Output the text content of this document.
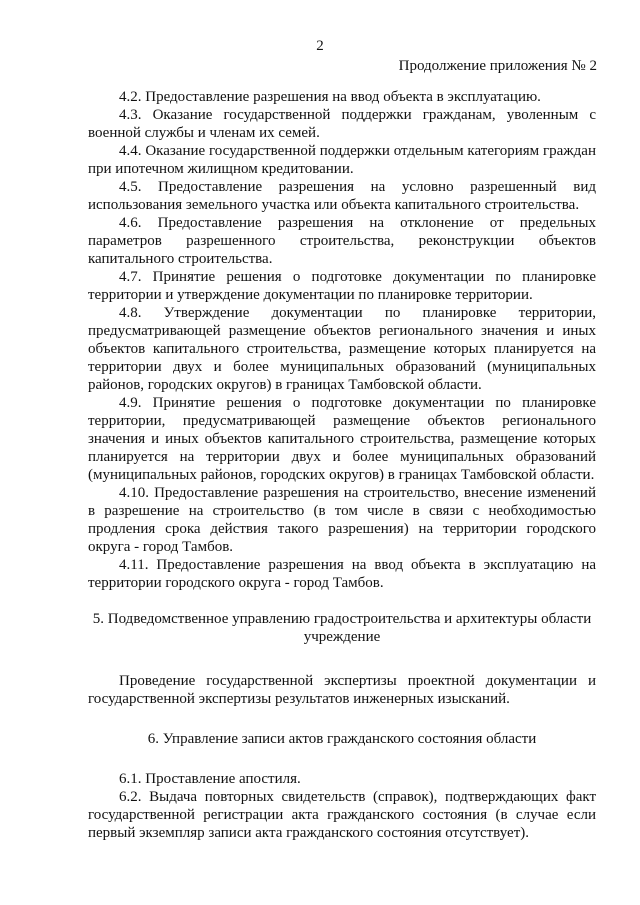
2
Продолжение приложения № 2

4.2. Предоставление разрешения на ввод объекта в эксплуатацию.

4.3. Оказание государственной поддержки гражданам, уволенным с военной службы и членам их семей.

4.4. Оказание государственной поддержки отдельным категориям граждан при ипотечном жилищном кредитовании.

4.5. Предоставление разрешения на условно разрешенный вид использования земельного участка или объекта капитального строительства.

4.6. Предоставление разрешения на отклонение от предельных параметров разрешенного строительства, реконструкции объектов капитального строительства.

4.7. Принятие решения о подготовке документации по планировке территории и утверждение документации по планировке территории.

4.8. Утверждение документации по планировке территории, предусматривающей размещение объектов регионального значения и иных объектов капитального строительства, размещение которых планируется на территории двух и более муниципальных образований (муниципальных районов, городских округов) в границах Тамбовской области.

4.9. Принятие решения о подготовке документации по планировке территории, предусматривающей размещение объектов регионального значения и иных объектов капитального строительства, размещение которых планируется на территории двух и более муниципальных образований (муниципальных районов, городских округов) в границах Тамбовской области.

4.10. Предоставление разрешения на строительство, внесение изменений в разрешение на строительство (в том числе в связи с необходимостью продления срока действия такого разрешения) на территории городского округа - город Тамбов.

4.11. Предоставление разрешения на ввод объекта в эксплуатацию на территории городского округа - город Тамбов.

5. Подведомственное управлению градостроительства и архитектуры области учреждение

Проведение государственной экспертизы проектной документации и государственной экспертизы результатов инженерных изысканий.

6. Управление записи актов гражданского состояния области

6.1. Проставление апостиля.

6.2. Выдача повторных свидетельств (справок), подтверждающих факт государственной регистрации акта гражданского состояния (в случае если первый экземпляр записи акта гражданского состояния отсутствует).
